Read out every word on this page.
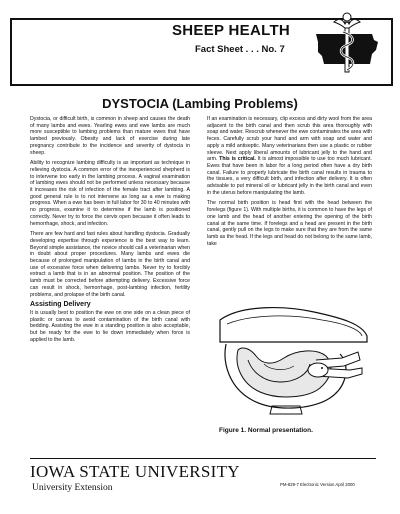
SHEEP HEALTH
Fact Sheet . . . No. 7
DYSTOCIA (Lambing Problems)

Dystocia, or difficult birth, is common in sheep and causes the death of many lambs and ewes. Yearling ewes and ewe lambs are much more susceptible to lambing problems than mature ewes that have lambed previously. Obesity and lack of exercise during late pregnancy contribute to the incidence and severity of dystocia in sheep.

Ability to recognize lambing difficulty is as important as technique in relieving dystocia. A common error of the inexperienced shepherd is to intervene too early in the lambing process. A vaginal examination of lambing ewes should not be performed unless necessary because it increases the risk of infection of the female tract after lambing. A good general rule is to not intervene as long as a ewe is making progress. When a ewe has been in full labor for 30 to 40 minutes with no progress, examine it to determine if the lamb is positioned correctly. Never try to force the cervix open because it often leads to hemorrhage, shock, and infection.

There are few hard and fast rules about handling dystocia. Gradually developing expertise through experience is the best way to learn. Beyond simple assistance, the novice should call a veterinarian when in doubt about proper procedures. Many lambs and ewes die because of prolonged manipulation of lambs in the birth canal and use of excessive force when delivering lambs. Never try to forcibly extract a lamb that is in an abnormal position. The position of the lamb must be corrected before attempting delivery. Excessive force can result in shock, hemorrhage, post-lambing infection, fertility problems, and prolapse of the birth canal.

Assisting Delivery

It is usually best to position the ewe on one side on a clean piece of plastic or canvas to avoid contamination of the birth canal with bedding. Assisting the ewe in a standing position is also acceptable, but be ready for the ewe to lie down immediately when force is applied to the lamb.

If an examination is necessary, clip excess and dirty wool from the area adjacent to the birth canal and then scrub this area thoroughly with soap and water. Rescrub whenever the ewe contaminates the area with feces. Carefully scrub your hand and arm with soap and water and apply a mild antiseptic. Many veterinarians then use a plastic or rubber sleeve. Next apply liberal amounts of lubricant jelly to the hand and arm. This is critical. It is almost impossible to use too much lubricant. Ewes that have been in labor for a long period often have a dry birth canal. Failure to properly lubricate the birth canal results in trauma to the tissues, a very difficult birth, and infection after delivery. It is often advisable to put mineral oil or lubricant jelly in the birth canal and even in the uterus before manipulating the lamb.

The normal birth position is head first with the head between the forelegs (figure 1). With multiple births, it is common to have the legs of one lamb and the head of another entering the opening of the birth canal at the same time. If forelegs and a head are present in the birth canal, gently pull on the legs to make sure that they are from the same lamb as the head. If the legs and head do not belong to the same lamb, take

Figure 1. Normal presentation.
IOWA STATE UNIVERSITY
University Extension	PM-829-7 Electronic Version April 2000
